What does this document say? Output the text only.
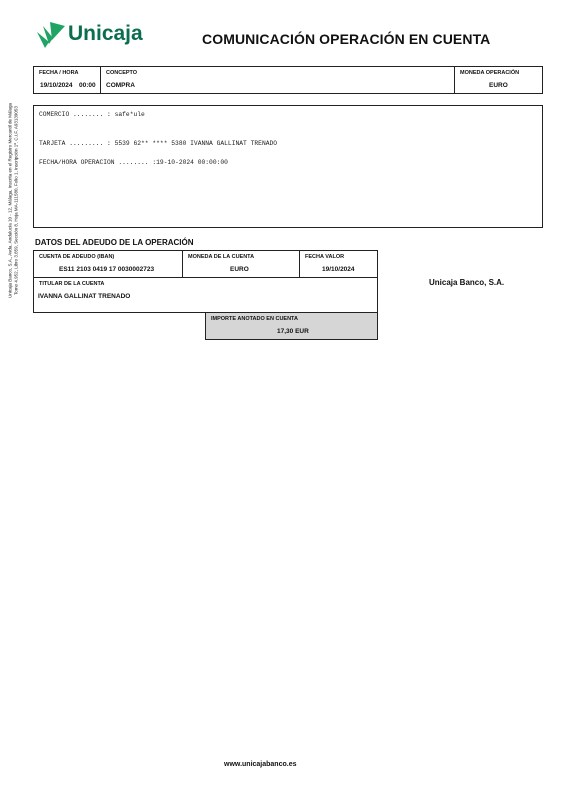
Unicaja	COMUNICACIÓN OPERACIÓN EN CUENTA
Unicaja Banco, S.A., Avda. Andalucía 10 - 12, Málaga, Inscrita en el Registro Mercantil de Málaga Tomo 4.952, Libro 3.859, Sección 8, Hoja MA-111580, Folio 1, Inscripción 1ª. C.I.F. A93139053
FECHA / HORA
19/10/2024 00:00
CONCEPTO
COMPRA
MONEDA OPERACIÓN
EURO
COMERCIO ........ : safe*ule
TARJETA ......... : 5539 62** **** 5380 IVANNA GALLINAT TRENADO
FECHA/HORA OPERACION ........ :19-10-2024 00:00:00
DATOS DEL ADEUDO DE LA OPERACIÓN
CUENTA DE ADEUDO (IBAN)
ES11 2103 0419 17 0030002723
MONEDA DE LA CUENTA
EURO
FECHA VALOR
19/10/2024
TITULAR DE LA CUENTA
IVANNA GALLINAT TRENADO
IMPORTE ANOTADO EN CUENTA
17,30 EUR
Unicaja Banco, S.A.
www.unicajabanco.es
